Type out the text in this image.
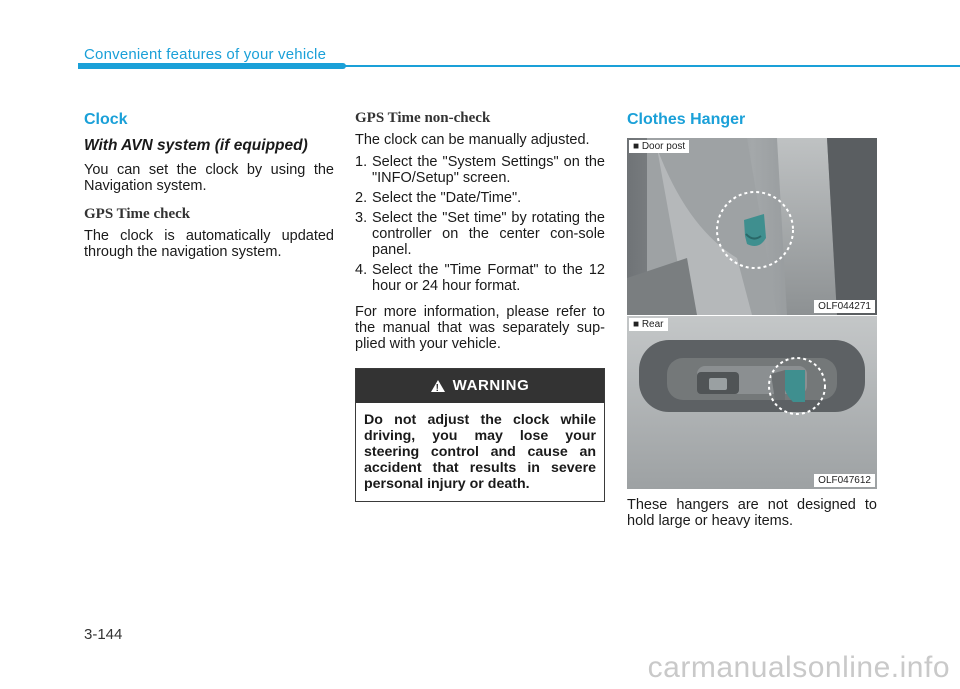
Convenient features of your vehicle
Clock
With AVN system (if equipped)

You can set the clock by using the Navigation system.

GPS Time check

The clock is automatically updated through the navigation system.

GPS Time non-check

The clock can be manually adjusted.

1. Select the "System Settings" on the "INFO/Setup" screen.
2. Select the "Date/Time".
3. Select the "Set time" by rotating the controller on the center con-sole panel.
4. Select the "Time Format" to the 12 hour or 24 hour format.

For more information, please refer to the manual that was separately sup-plied with your vehicle.

!
WARNING
Do not adjust the clock while driving, you may lose your steering control and cause an accident that results in severe personal injury or death.
Clothes Hanger
■ Door post
OLF044271
■ Rear
OLF047612

These hangers are not designed to hold large or heavy items.

3-144
carmanualsonline.info
